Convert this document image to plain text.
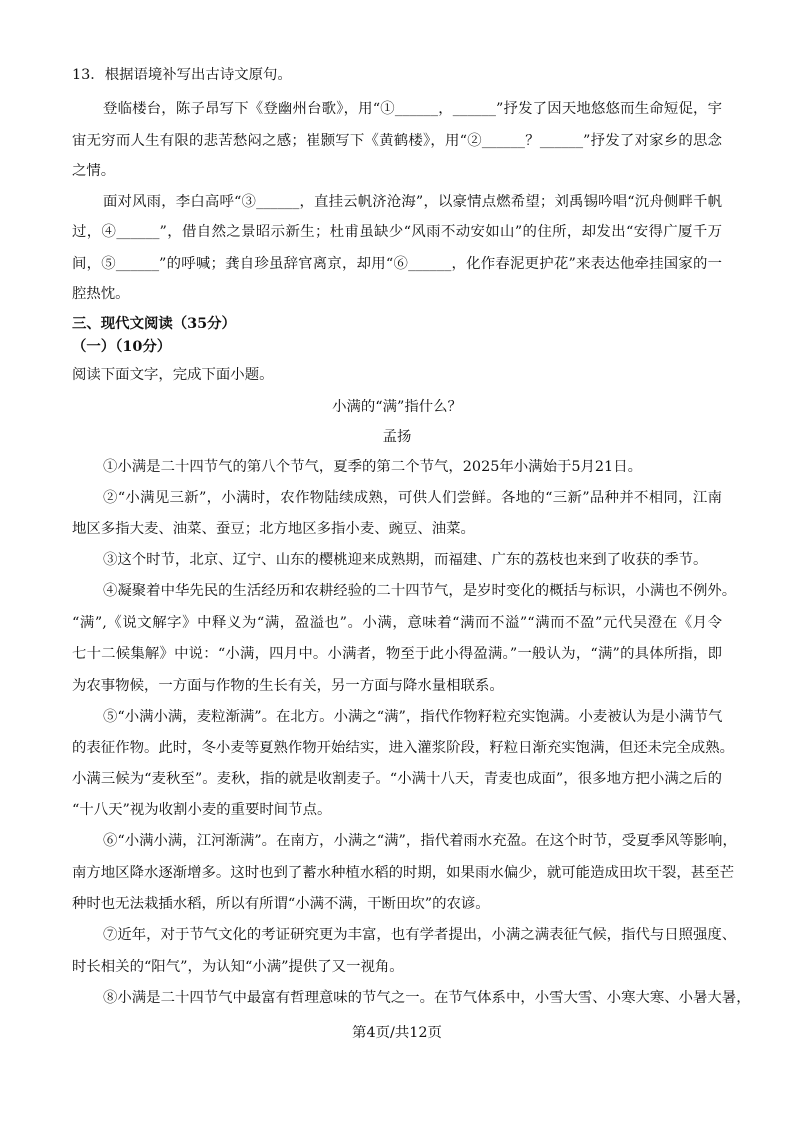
13．根据语境补写出古诗文原句。
登临楼台，陈子昂写下《登幽州台歌》，用“①______，______”抒发了因天地悠悠而生命短促，宇
宙无穷而人生有限的悲苦愁闷之感；崔颢写下《黄鹤楼》，用“②______？______”抒发了对家乡的思念
之情。
面对风雨，李白高呼“③______，直挂云帆济沧海”，以豪情点燃希望；刘禹锡吟唱“沉舟侧畔千帆
过，④______”，借自然之景昭示新生；杜甫虽缺少“风雨不动安如山”的住所，却发出“安得广厦千万
间，⑤______”的呼喊；龚自珍虽辞官离京，却用“⑥______，化作春泥更护花”来表达他牵挂国家的一
腔热忱。
三、现代文阅读（35分）
（一）（10分）
阅读下面文字，完成下面小题。
小满的“满”指什么？
孟扬
①小满是二十四节气的第八个节气，夏季的第二个节气，2025年小满始于5月21日。
②“小满见三新”，小满时，农作物陆续成熟，可供人们尝鲜。各地的“三新”品种并不相同，江南
地区多指大麦、油菜、蚕豆；北方地区多指小麦、豌豆、油菜。
③这个时节，北京、辽宁、山东的樱桃迎来成熟期，而福建、广东的荔枝也来到了收获的季节。
④凝聚着中华先民的生活经历和农耕经验的二十四节气，是岁时变化的概括与标识，小满也不例外。
“满”,《说文解字》中释义为“满，盈溢也”。小满，意味着“满而不溢”“满而不盈”元代吴澄在《月令
七十二候集解》中说：“小满，四月中。小满者，物至于此小得盈满。”一般认为，“满”的具体所指，即
为农事物候，一方面与作物的生长有关，另一方面与降水量相联系。
⑤“小满小满，麦粒渐满”。在北方。小满之“满”，指代作物籽粒充实饱满。小麦被认为是小满节气
的表征作物。此时，冬小麦等夏熟作物开始结实，进入灌浆阶段，籽粒日渐充实饱满，但还未完全成熟。
小满三候为“麦秋至”。麦秋，指的就是收割麦子。“小满十八天，青麦也成面”，很多地方把小满之后的
“十八天”视为收割小麦的重要时间节点。
⑥“小满小满，江河渐满”。在南方，小满之“满”，指代着雨水充盈。在这个时节，受夏季风等影响，
南方地区降水逐渐增多。这时也到了蓄水种植水稻的时期，如果雨水偏少，就可能造成田坎干裂，甚至芒
种时也无法栽插水稻，所以有所谓“小满不满，干断田坎”的农谚。
⑦近年，对于节气文化的考证研究更为丰富，也有学者提出，小满之满表征气候，指代与日照强度、
时长相关的“阳气”，为认知“小满”提供了又一视角。
⑧小满是二十四节气中最富有哲理意味的节气之一。在节气体系中，小雪大雪、小寒大寒、小暑大暑，
第4页/共12页
